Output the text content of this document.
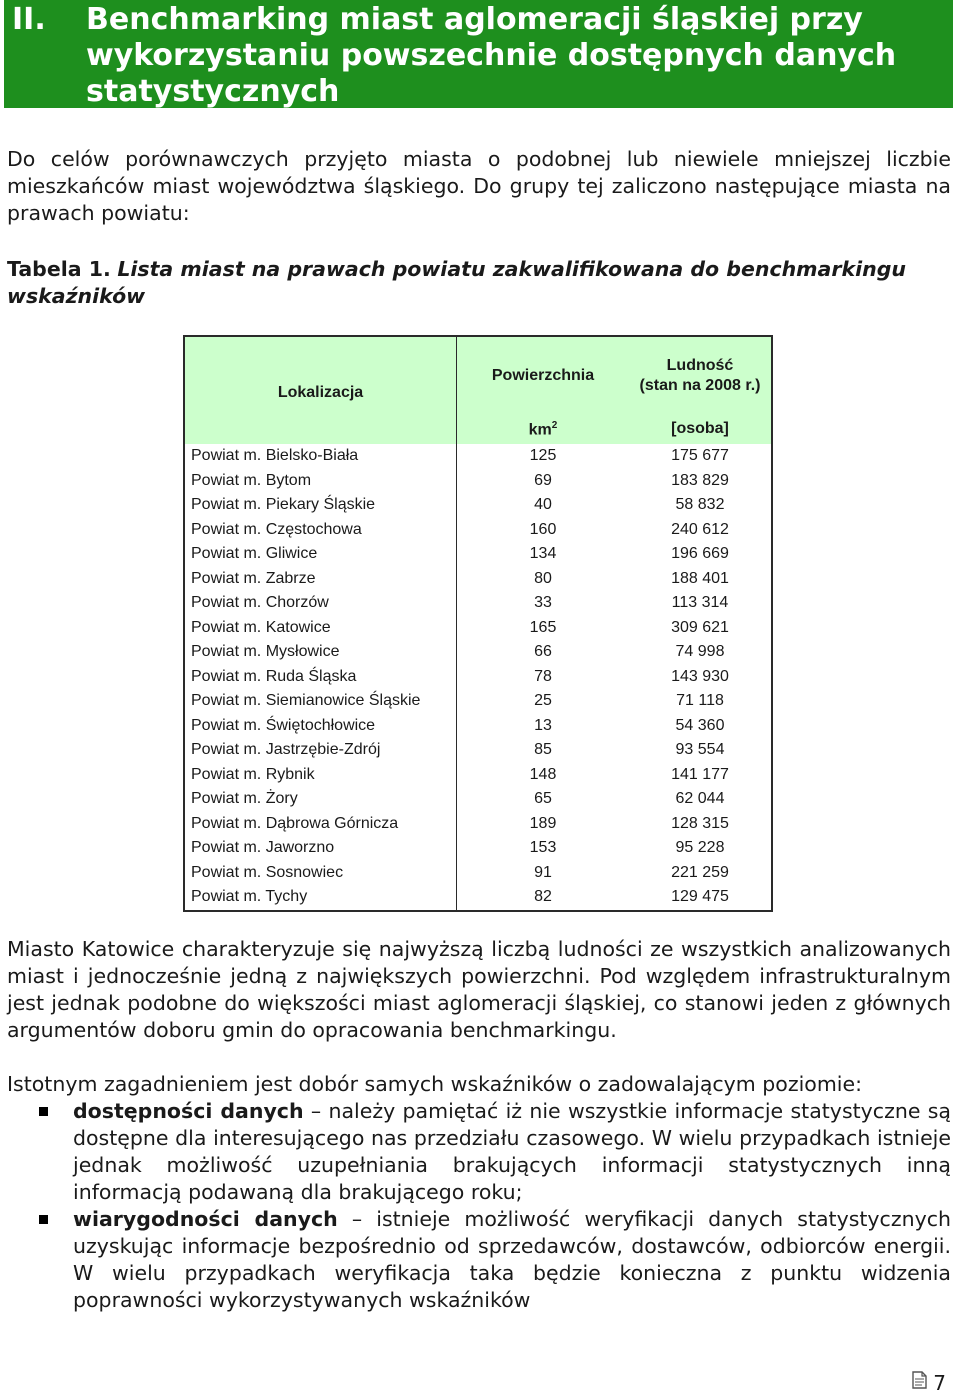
II. Benchmarking miast aglomeracji śląskiej przy wykorzystaniu powszechnie dostępnych danych statystycznych

Do celów porównawczych przyjęto miasta o podobnej lub niewiele mniejszej liczbie mieszkańców miast województwa śląskiego. Do grupy tej zaliczono następujące miasta na prawach powiatu:

Tabela 1. Lista miast na prawach powiatu zakwalifikowana do benchmarkingu wskaźników

Lokalizacja	Powierzchnia	Ludność
(stan na 2008 r.)

	$km^2$	[osoba]
Powiat m. Bielsko-Biała	125	175 677
Powiat m. Bytom	69	183 829
Powiat m. Piekary Śląskie	40	58 832
Powiat m. Częstochowa	160	240 612
Powiat m. Gliwice	134	196 669
Powiat m. Zabrze	80	188 401
Powiat m. Chorzów	33	113 314
Powiat m. Katowice	165	309 621
Powiat m. Mysłowice	66	74 998
Powiat m. Ruda Śląska	78	143 930
Powiat m. Siemianowice Śląskie	25	71 118
Powiat m. Świętochłowice	13	54 360
Powiat m. Jastrzębie-Zdrój	85	93 554
Powiat m. Rybnik	148	141 177
Powiat m. Żory	65	62 044
Powiat m. Dąbrowa Górnicza	189	128 315
Powiat m. Jaworzno	153	95 228
Powiat m. Sosnowiec	91	221 259
Powiat m. Tychy	82	129 475

Miasto Katowice charakteryzuje się najwyższą liczbą ludności ze wszystkich analizowanych miast i jednocześnie jedną z największych powierzchni. Pod względem infrastrukturalnym jest jednak podobne do większości miast aglomeracji śląskiej, co stanowi jeden z głównych argumentów doboru gmin do opracowania benchmarkingu.

Istotnym zagadnieniem jest dobór samych wskaźników o zadowalającym poziomie:

dostępności danych – należy pamiętać iż nie wszystkie informacje statystyczne są dostępne dla interesującego nas przedziału czasowego. W wielu przypadkach istnieje jednak możliwość uzupełniania brakujących informacji statystycznych inną informacją podawaną dla brakującego roku;
wiarygodności danych – istnieje możliwość weryfikacji danych statystycznych uzyskując informacje bezpośrednio od sprzedawców, dostawców, odbiorców energii. W wielu przypadkach weryfikacja taka będzie konieczna z punktu widzenia poprawności wykorzystywanych wskaźników
7
